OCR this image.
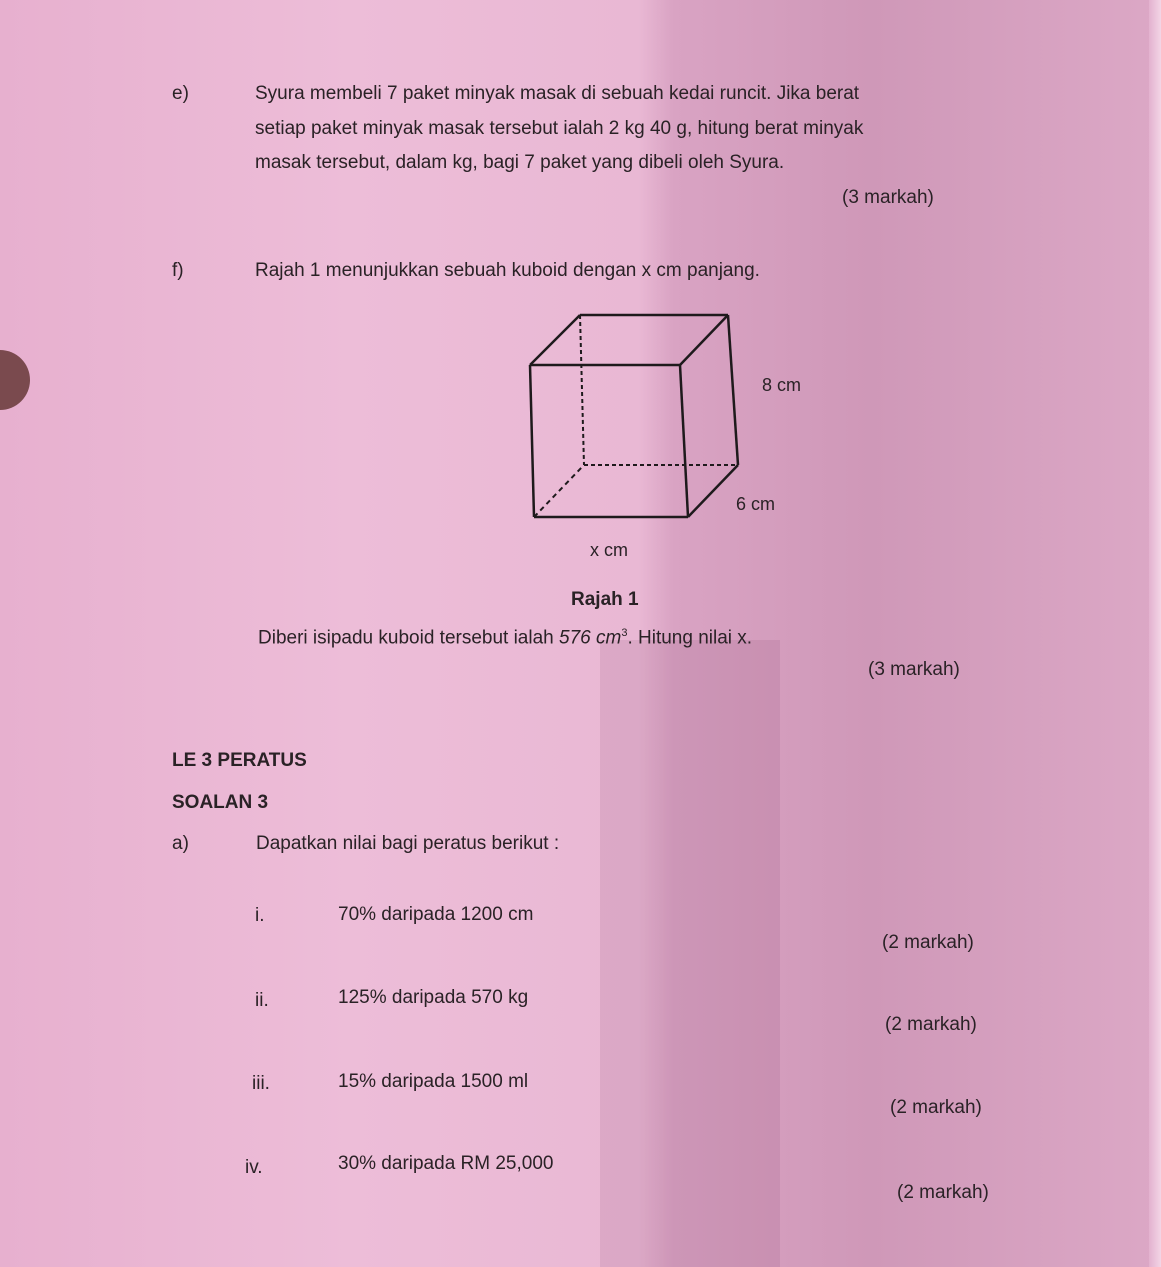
e)	Syura membeli 7 paket minyak masak di sebuah kedai runcit. Jika berat
setiap paket minyak masak tersebut ialah 2 kg 40 g, hitung berat minyak
masak tersebut, dalam kg, bagi 7 paket yang dibeli oleh Syura.
(3 markah)
f)	Rajah 1 menunjukkan sebuah kuboid dengan x cm panjang.
8 cm
6 cm
x cm
Rajah 1
Diberi isipadu kuboid tersebut ialah 576 $cm^3$. Hitung nilai x.
(3 markah)
LE 3 PERATUS
SOALAN 3
a)	Dapatkan nilai bagi peratus berikut :
i.	70% daripada 1200 cm
(2 markah)
ii.	125% daripada 570 kg
(2 markah)
iii.	15% daripada 1500 ml
(2 markah)
iv.	30% daripada RM 25,000
(2 markah)
